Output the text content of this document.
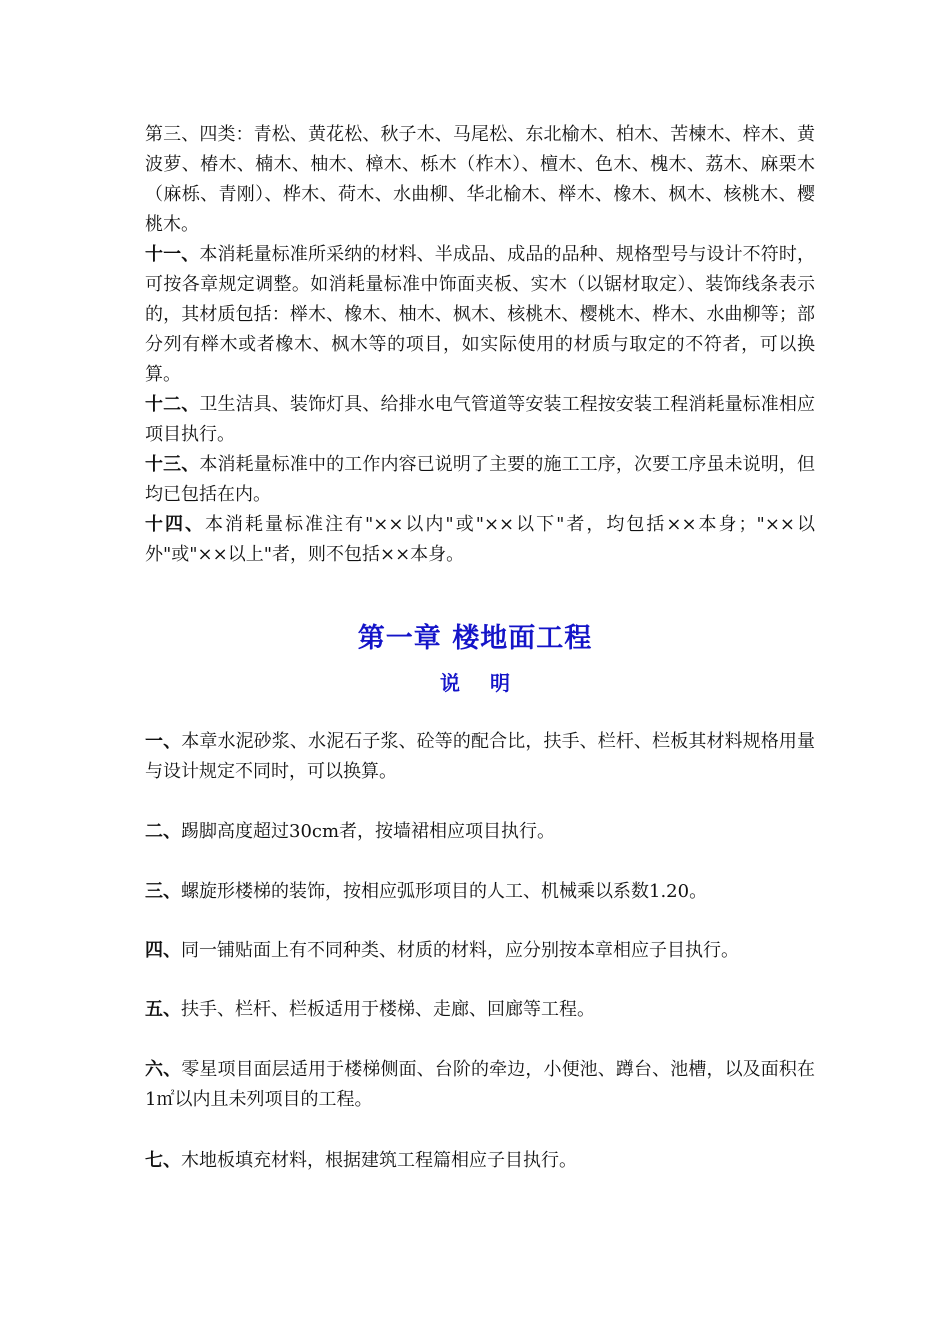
第三、四类：青松、黄花松、秋子木、马尾松、东北榆木、柏木、苦楝木、梓木、黄波萝、椿木、楠木、柚木、樟木、栎木（柞木）、檀木、色木、槐木、荔木、麻栗木（麻栎、青刚）、桦木、荷木、水曲柳、华北榆木、榉木、橡木、枫木、核桃木、樱桃木。
十一、本消耗量标准所采纳的材料、半成品、成品的品种、规格型号与设计不符时，可按各章规定调整。如消耗量标准中饰面夹板、实木（以锯材取定）、装饰线条表示的，其材质包括：榉木、橡木、柚木、枫木、核桃木、樱桃木、桦木、水曲柳等；部分列有榉木或者橡木、枫木等的项目，如实际使用的材质与取定的不符者，可以换算。
十二、卫生洁具、装饰灯具、给排水电气管道等安装工程按安装工程消耗量标准相应项目执行。
十三、本消耗量标准中的工作内容已说明了主要的施工工序，次要工序虽未说明，但均已包括在内。
十四、本消耗量标准注有"××以内"或"××以下"者，均包括××本身；"××以外"或"××以上"者，则不包括××本身。
第一章 楼地面工程
说明

一、本章水泥砂浆、水泥石子浆、砼等的配合比，扶手、栏杆、栏板其材料规格用量与设计规定不同时，可以换算。

二、踢脚高度超过30cm者，按墙裙相应项目执行。

三、螺旋形楼梯的装饰，按相应弧形项目的人工、机械乘以系数1.20。

四、同一铺贴面上有不同种类、材质的材料，应分别按本章相应子目执行。

五、扶手、栏杆、栏板适用于楼梯、走廊、回廊等工程。

六、零星项目面层适用于楼梯侧面、台阶的牵边，小便池、蹲台、池槽，以及面积在1㎡以内且未列项目的工程。

七、木地板填充材料，根据建筑工程篇相应子目执行。
